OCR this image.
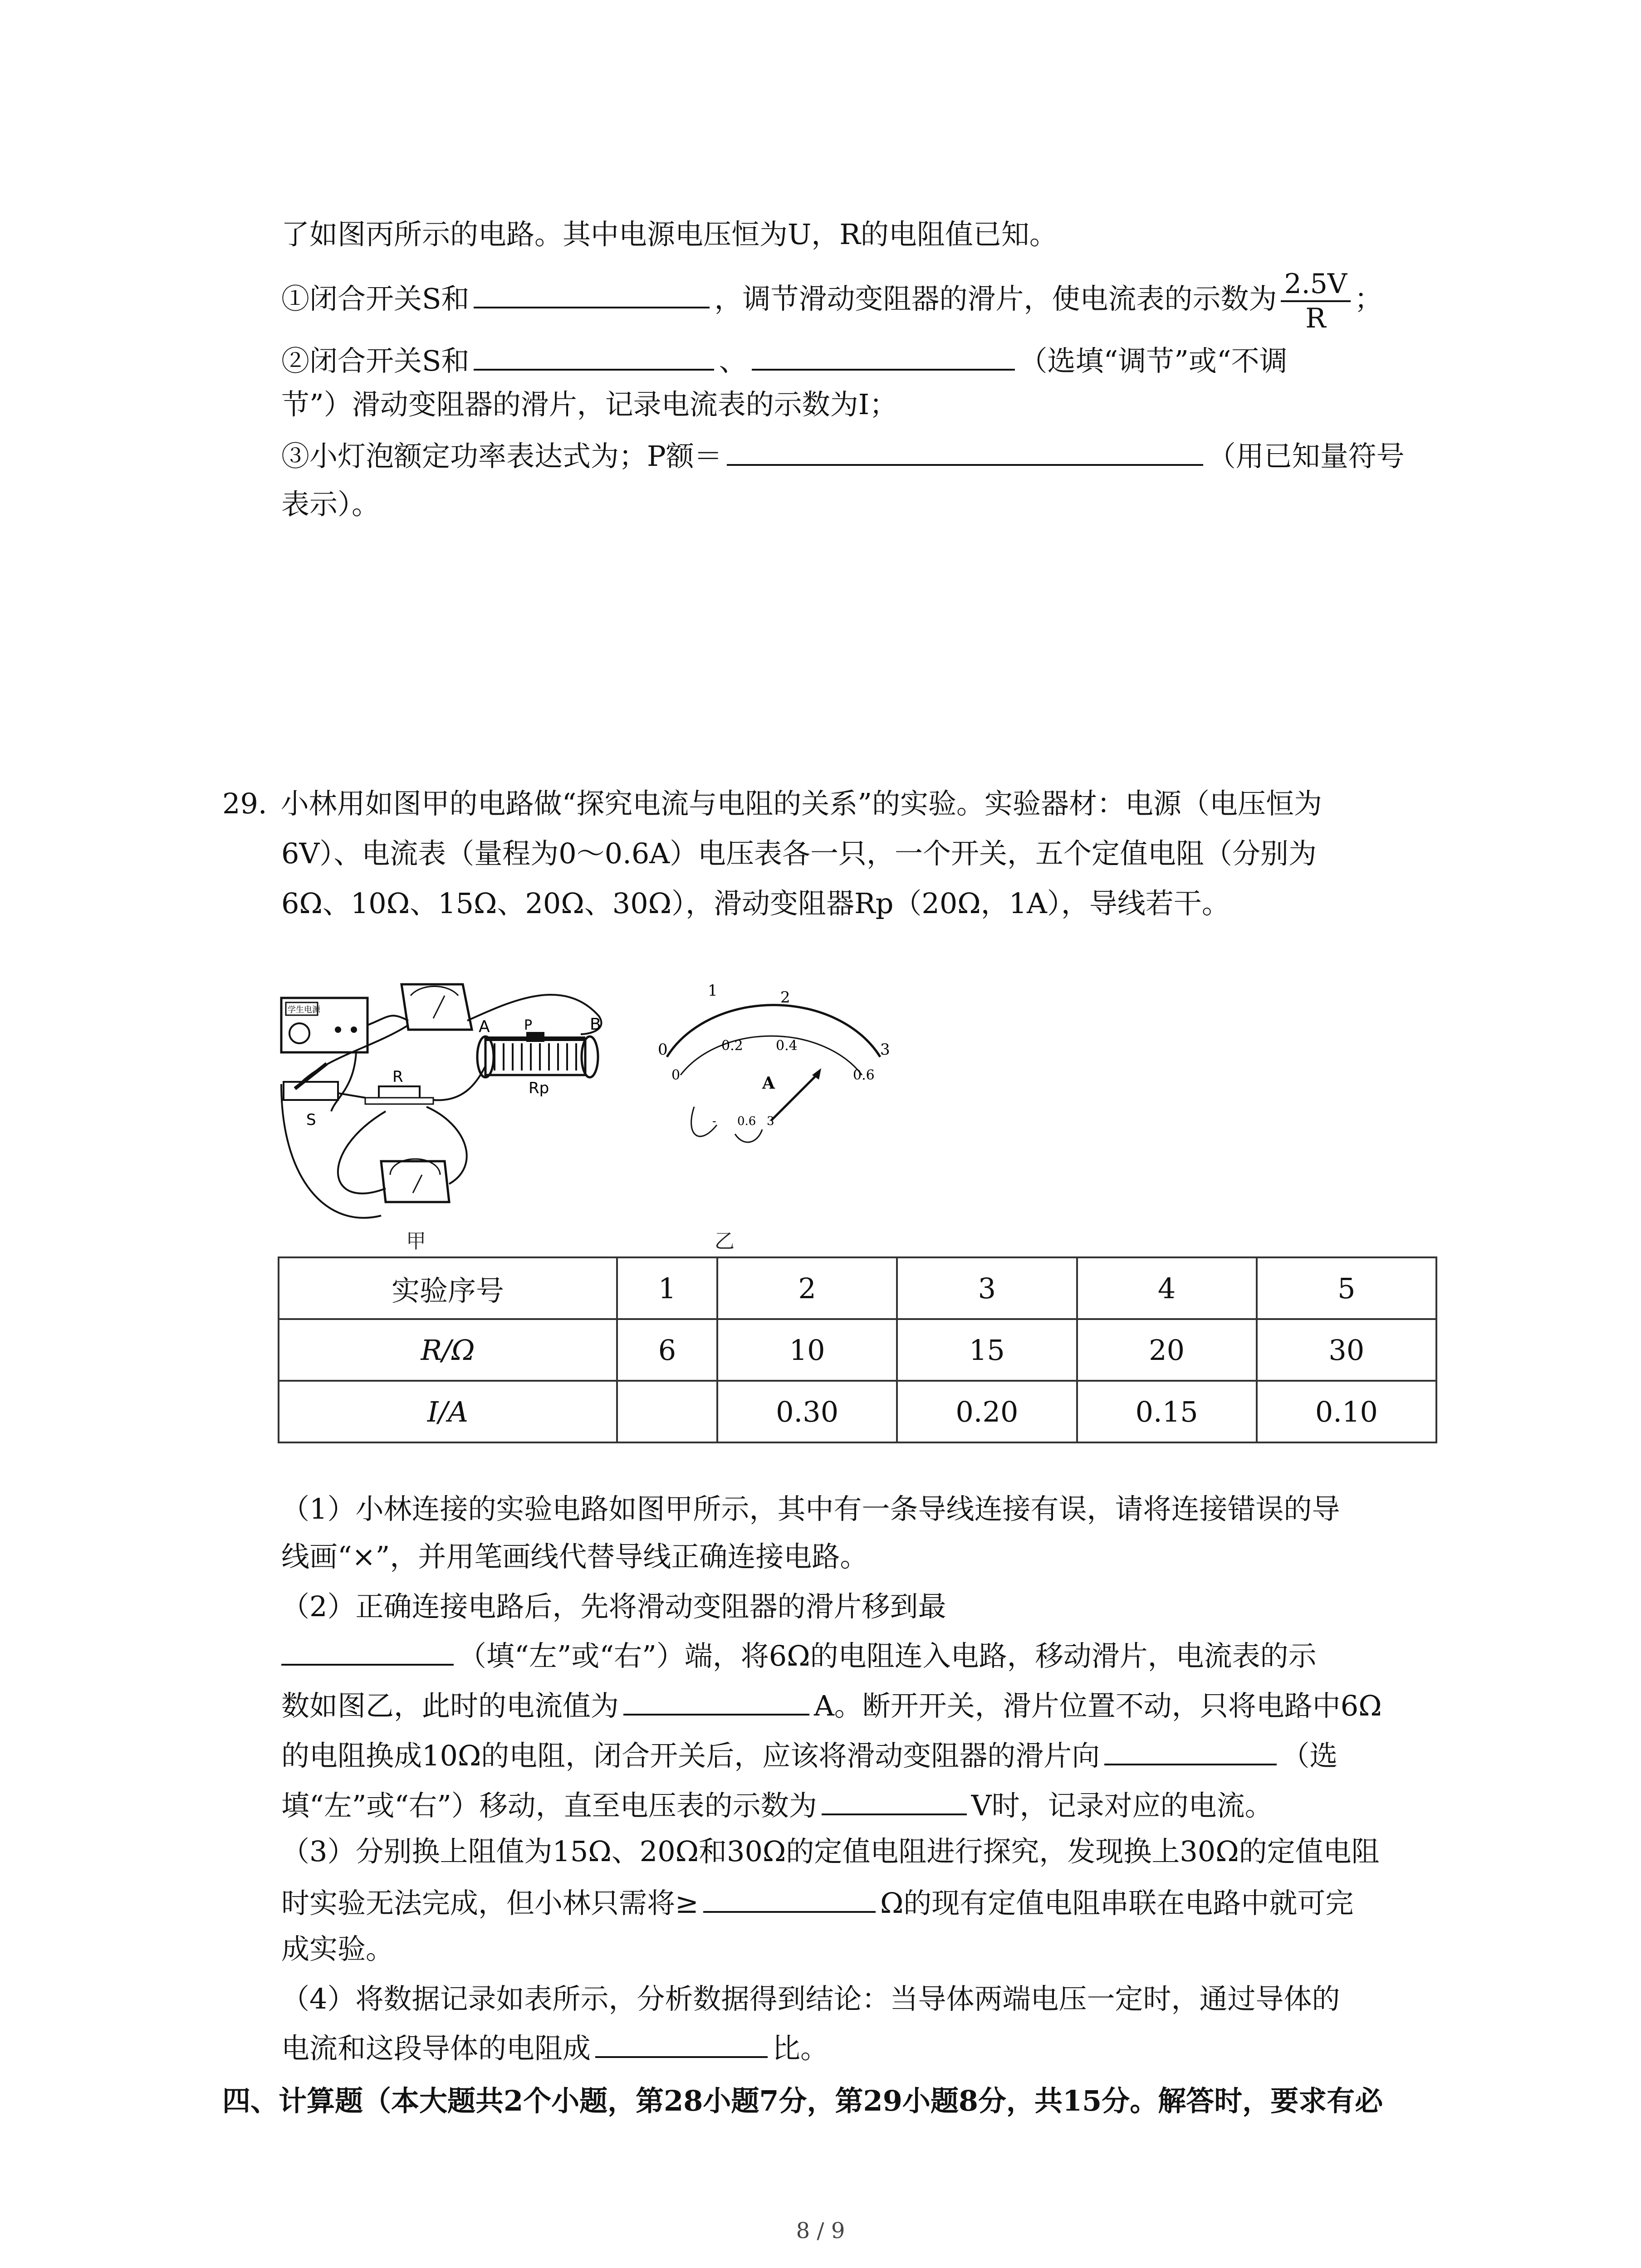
了如图丙所示的电路。其中电源电压恒为U，R的电阻值已知。
①闭合开关S和	，调节滑动变阻器的滑片，使电流表的示数为 $\frac{2.5V}{R}$ ；
②闭合开关S和	、	（选填“调节”或“不调
节”）滑动变阻器的滑片，记录电流表的示数为I；
③小灯泡额定功率表达式为；P额＝	（用已知量符号
表示）。
29. 小林用如图甲的电路做“探究电流与电阻的关系”的实验。实验器材：电源（电压恒为
6V）、电流表（量程为0～0.6A）电压表各一只，一个开关，五个定值电阻（分别为
6Ω、10Ω、15Ω、20Ω、30Ω），滑动变阻器Rp（20Ω，1A），导线若干。
学生电源
A	B
P
Rp
S
R
1	2
3
0
0
0.2 0.4
0.6
A
- 0.6 3
甲	乙
实验序号	1	2	3	4	5
R/Ω	6	10	15	20	30
I/A		0.30	0.20	0.15	0.10
（1）小林连接的实验电路如图甲所示，其中有一条导线连接有误，请将连接错误的导
线画“×”，并用笔画线代替导线正确连接电路。
（2）正确连接电路后，先将滑动变阻器的滑片移到最
（填“左”或“右”）端，将6Ω的电阻连入电路，移动滑片，电流表的示
数如图乙，此时的电流值为	A。断开开关，滑片位置不动，只将电路中6Ω
的电阻换成10Ω的电阻，闭合开关后，应该将滑动变阻器的滑片向	（选
填“左”或“右”）移动，直至电压表的示数为	V时，记录对应的电流。
（3）分别换上阻值为15Ω、20Ω和30Ω的定值电阻进行探究，发现换上30Ω的定值电阻
时实验无法完成，但小林只需将≥	Ω的现有定值电阻串联在电路中就可完
成实验。
（4）将数据记录如表所示，分析数据得到结论：当导体两端电压一定时，通过导体的
电流和这段导体的电阻成	比。
四、计算题（本大题共2个小题，第28小题7分，第29小题8分，共15分。解答时，要求有必
8 / 9
